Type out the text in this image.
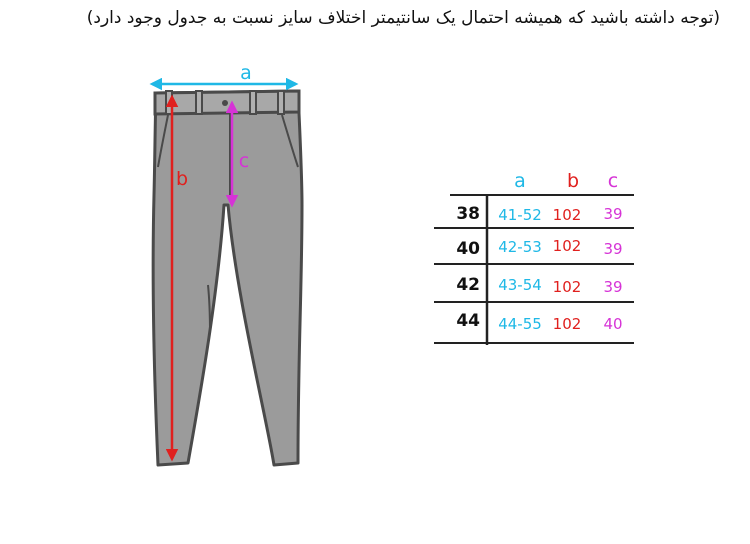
(توجه داشته باشید که همیشه احتمال یک سانتیمتر اختلاف سایز نسبت به جدول وجود دارد)
a
b
c
a b c
38 41-52 102 39
40 42-53 102 39
42 43-54 102 39
44 44-55 102 40
